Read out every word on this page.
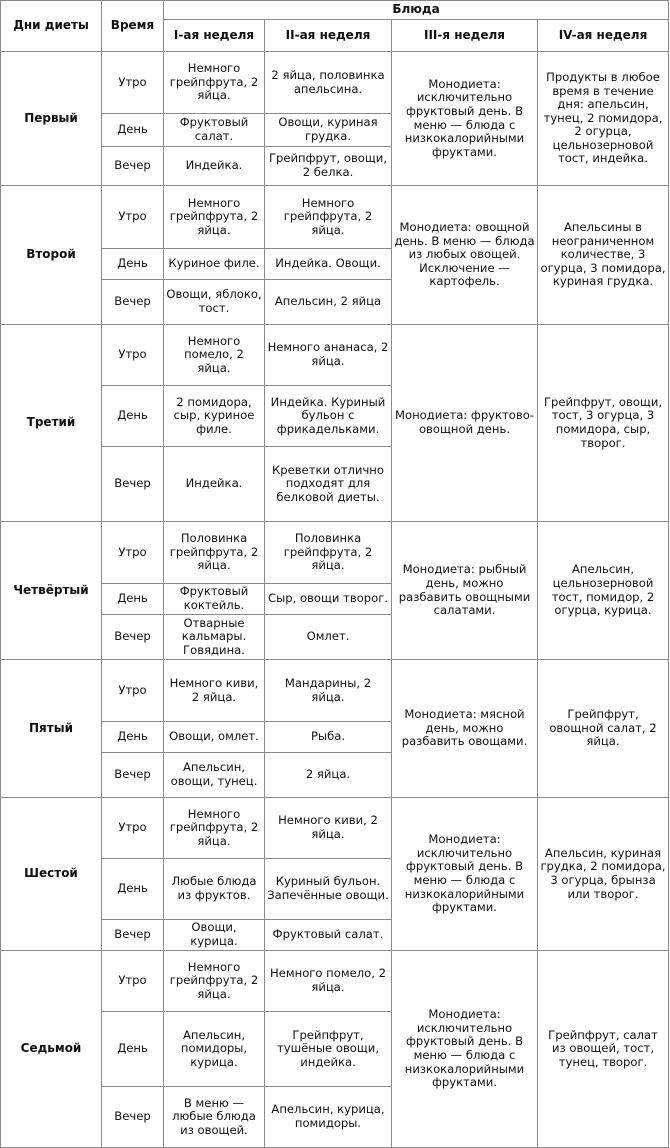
Дни диеты	Время	Блюда			
		I-ая неделя	II-ая неделя	III-я неделя	IV-ая неделя
Первый	Утро	Немного грейпфрута, 2 яйца.	2 яйца, половинка апельсина.	Монодиета: исключительно фруктовый день. В меню — блюда с низкокалорийными фруктами.	Продукты в любое время в течение дня: апельсин, тунец, 2 помидора, 2 огурца, цельнозерновой тост, индейка.
	День	Фруктовый салат.	Овощи, куриная грудка.		
	Вечер	Индейка.	Грейпфрут, овощи, 2 белка.		
Второй	Утро	Немного грейпфрута, 2 яйца.	Немного грейпфрута, 2 яйца.	Монодиета: овощной день. В меню — блюда из любых овощей. Исключение — картофель.	Апельсины в неограниченном количестве, 3 огурца, 3 помидора, куриная грудка.
	День	Куриное филе.	Индейка. Овощи.		
	Вечер	Овощи, яблоко, тост.	Апельсин, 2 яйца		
Третий	Утро	Немного помело, 2 яйца.	Немного ананаса, 2 яйца.	Монодиета: фруктово-овощной день.	Грейпфрут, овощи, тост, 3 огурца, 3 помидора, сыр, творог.
	День	2 помидора, сыр, куриное филе.	Индейка. Куриный бульон с фрикадельками.		
	Вечер	Индейка.	Креветки отлично подходят для белковой диеты.		
Четвёртый	Утро	Половинка грейпфрута, 2 яйца.	Половинка грейпфрута, 2 яйца.	Монодиета: рыбный день, можно разбавить овощными салатами.	Апельсин, цельнозерновой тост, помидор, 2 огурца, курица.
	День	Фруктовый коктейль.	Сыр, овощи творог.		
	Вечер	Отварные кальмары. Говядина.	Омлет.		
Пятый	Утро	Немного киви, 2 яйца.	Мандарины, 2 яйца.	Монодиета: мясной день, можно разбавить овощами.	Грейпфрут, овощной салат, 2 яйца.
	День	Овощи, омлет.	Рыба.		
	Вечер	Апельсин, овощи, тунец.	2 яйца.		
Шестой	Утро	Немного грейпфрута, 2 яйца.	Немного киви, 2 яйца.	Монодиета: исключительно фруктовый день. В меню — блюда с низкокалорийными фруктами.	Апельсин, куриная грудка, 2 помидора, 3 огурца, брынза или творог.
	День	Любые блюда из фруктов.	Куриный бульон. Запечённые овощи.		
	Вечер	Овощи, курица.	Фруктовый салат.		
Седьмой	Утро	Немного грейпфрута, 2 яйца.	Немного помело, 2 яйца.	Монодиета: исключительно фруктовый день. В меню — блюда с низкокалорийными фруктами.	Грейпфрут, салат из овощей, тост, тунец, творог.
	День	Апельсин, помидоры, курица.	Грейпфрут, тушёные овощи, индейка.		
	Вечер	В меню — любые блюда из овощей.	Апельсин, курица, помидоры.		
